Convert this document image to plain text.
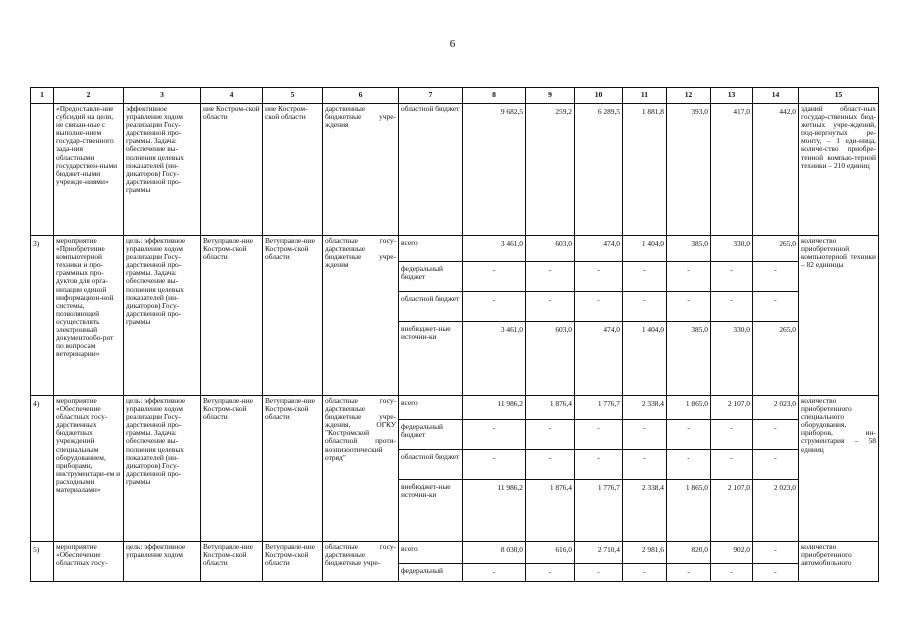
6
1	2	3	4	5	6	7	8	9	10	11	12	13	14	15
	«Предоставле-ние субсидий на цели, не связан-ные с выполне-нием государ-ственного зада-ния областными государствен-ными бюджет-ными учрежде-ниями»	эффективное управление ходом реализации Госу-дарственной про-граммы. Задача: обеспечение вы-полнения целевых показателей (ин-дикаторов) Госу-дарственной про-граммы	ние Костром-ской области	ние Костром-ской области	дарственные бюджетные учре-ждения	областной бюджет	9 682,5	259,2	6 289,5	1 881,8	393,0	417,0	442,0	зданий област-ных государ-ственных бюд-жетных учре-ждений, под-вергнутых ре-монту, – 1 еди-ница, количе-ство приобре-тенной компью-терной техники – 210 единиц
3)	мероприятие «Приобретение компьютерной техники и про-граммных про-дуктов для орга-низации единой информацион-ной системы, позволяющей осуществлять электронный документообо-рот по вопросам ветеринарии»	цель: эффективное управление ходом реализации Госу-дарственной про-граммы. Задача: обеспечение вы-полнения целевых показателей (ин-дикаторов) Госу-дарственной про-граммы	Ветуправле-ние Костром-ской области	Ветуправле-ние Костром-ской области	областные госу-дарственные бюджетные учре-ждения	всего	3 461,0	603,0	474,0	1 404,0	385,0	330,0	265,0	количество приобретенной компьютерной техники – 82 единицы
						федеральный бюджет	-	-	-	-	-	-	-	
						областной бюджет	-	-	-	-	-	-	-	
						внебюджет-ные источни-ки	3 461,0	603,0	474,0	1 404,0	385,0	330,0	265,0	
4)	мероприятие «Обеспечение областных госу-дарственных бюджетных учреждений специальным оборудованием, приборами, инструментари-ем и расходными материалами»	цель: эффективное управление ходом реализации Госу-дарственной про-граммы. Задача: обеспечение вы-полнения целевых показателей (ин-дикаторов) Госу-дарственной про-граммы	Ветуправле-ние Костром-ской области	Ветуправле-ние Костром-ской области	областные госу-дарственные бюджетные учре-ждения, ОГКУ "Костромской областной проти-воэпизоотический отряд"	всего	11 986,2	1 876,4	1 776,7	2 338,4	1 865,0	2 107,0	2 023,0	количество приобретенного специального оборудования, приборов, ин-струментария – 58 единиц
						федеральный бюджет	-	-	-	-	-	-	-	
						областной бюджет	-	-	-	-	-	-	-	
						внебюджет-ные источни-ки	11 986,2	1 876,4	1 776,7	2 338,4	1 865,0	2 107,0	2 023,0	
5)	мероприятие «Обеспечение областных госу-	цель: эффективное управление ходом	Ветуправле-ние Костром-ской области	Ветуправле-ние Костром-ской области	областные госу-дарственные бюджетные учре-	всего	8 030,0	616,0	2 710,4	2 981,6	820,0	902,0	-	количество приобретенного автомобильного
						федеральный	-	-	-	-	-	-	-	
